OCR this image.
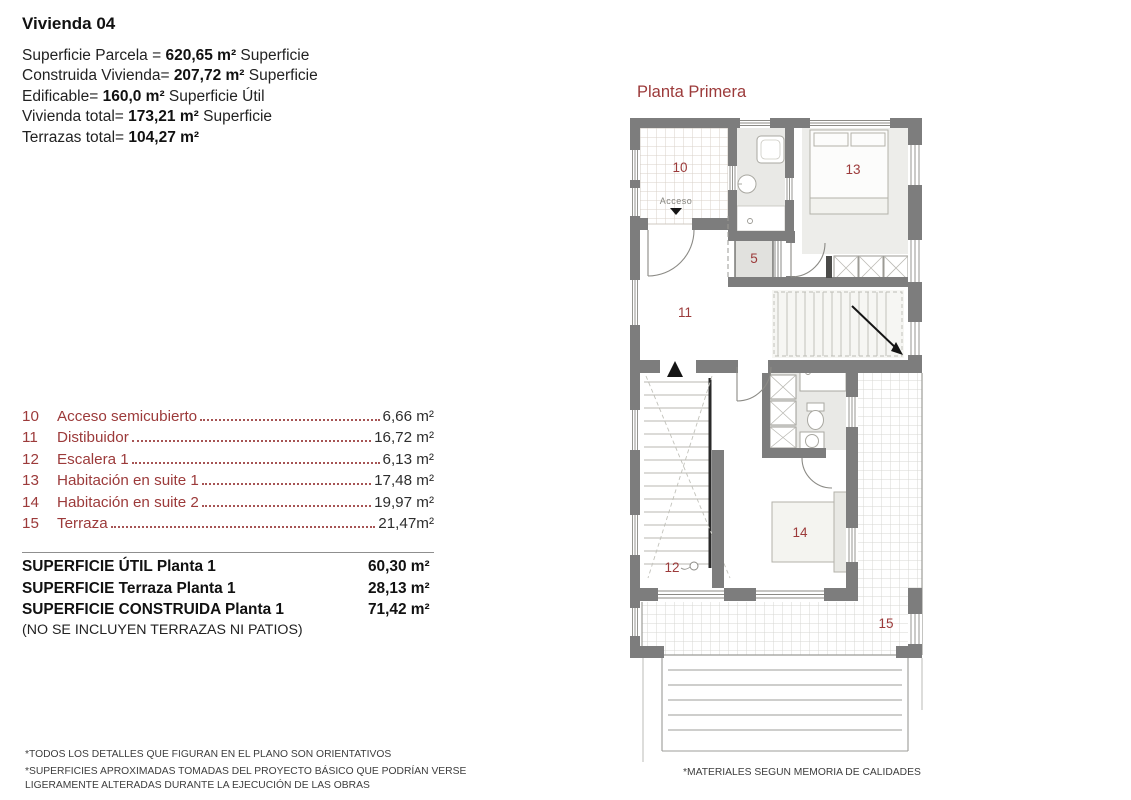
Vivienda 04
Superficie Parcela = 620,65 m² Superficie
Construida Vivienda= 207,72 m² Superficie
Edificable= 160,0 m² Superficie Útil
Vivienda total= 173,21 m² Superficie
Terrazas total= 104,27 m²
10	Acceso semicubierto	6,66 m²
11	Distibuidor	16,72 m²
12	Escalera 1	6,13 m²
13	Habitación en suite 1	17,48 m²
14	Habitación en suite 2	19,97 m²
15	Terraza	21,47m²
SUPERFICIE ÚTIL Planta 1	60,30 m²
SUPERFICIE Terraza Planta 1	28,13 m²
SUPERFICIE CONSTRUIDA Planta 1	71,42 m²
(NO SE INCLUYEN TERRAZAS NI PATIOS)
Planta Primera
10	13
5
11
12
14
15
Acceso
*TODOS LOS DETALLES QUE FIGURAN EN EL PLANO SON ORIENTATIVOS
*SUPERFICIES APROXIMADAS TOMADAS DEL PROYECTO BÁSICO QUE PODRÍAN VERSE LIGERAMENTE ALTERADAS DURANTE LA EJECUCIÓN DE LAS OBRAS
*MATERIALES SEGUN MEMORIA DE CALIDADES
